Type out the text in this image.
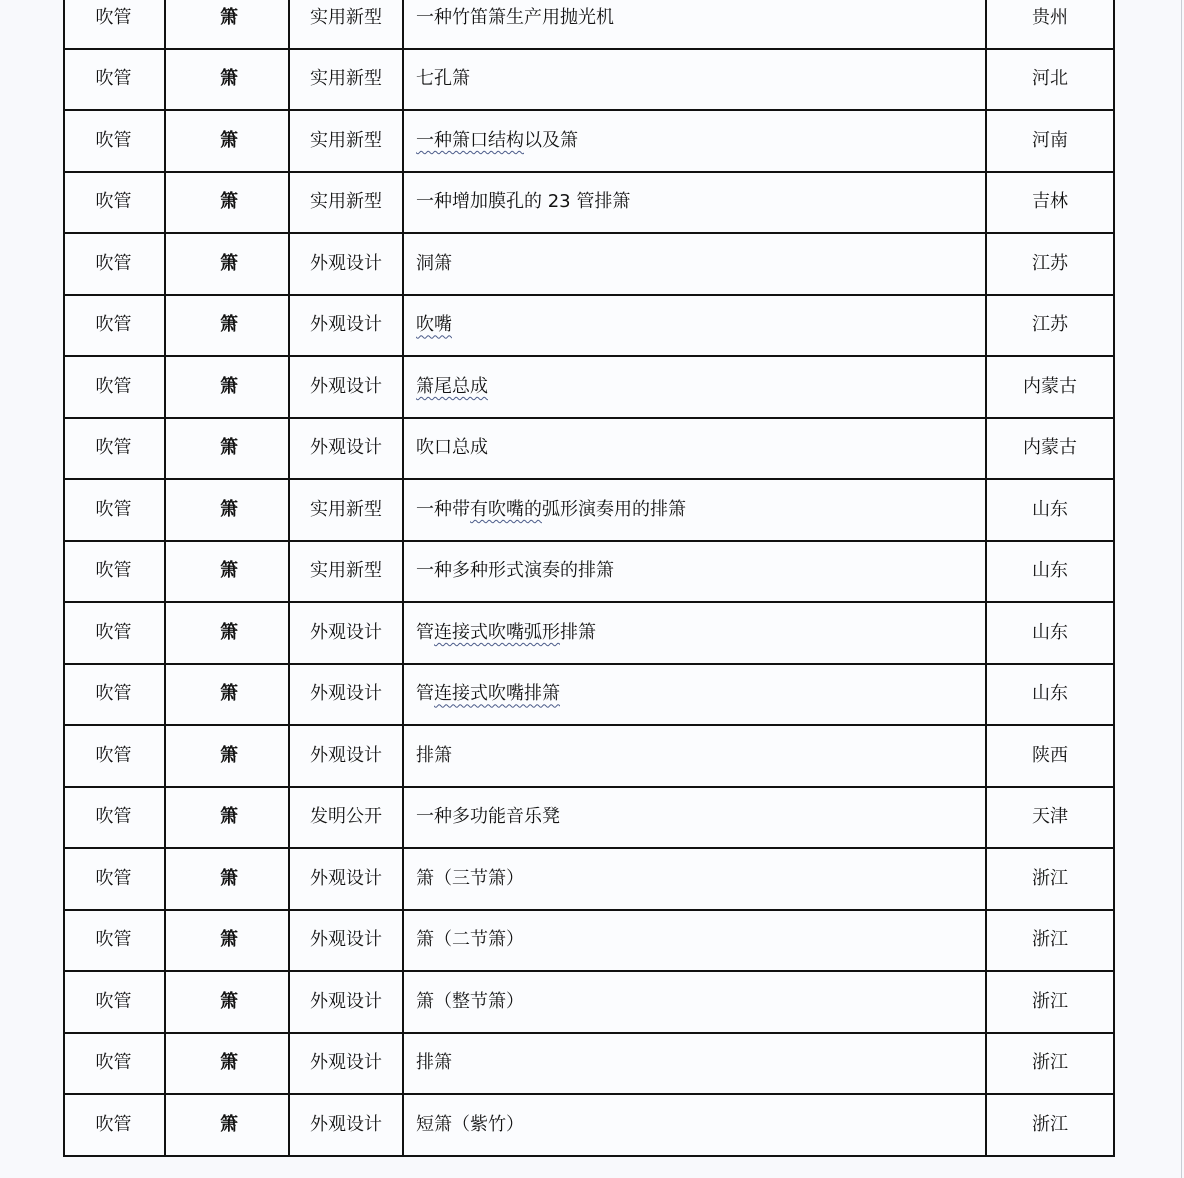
吹管	箫	实用新型	一种竹笛箫生产用抛光机	贵州
吹管	箫	实用新型	七孔箫	河北
吹管	箫	实用新型	一种箫口结构以及箫	河南
吹管	箫	实用新型	一种增加膜孔的 23 管排箫	吉林
吹管	箫	外观设计	洞箫	江苏
吹管	箫	外观设计	吹嘴	江苏
吹管	箫	外观设计	箫尾总成	内蒙古
吹管	箫	外观设计	吹口总成	内蒙古
吹管	箫	实用新型	一种带有吹嘴的弧形演奏用的排箫	山东
吹管	箫	实用新型	一种多种形式演奏的排箫	山东
吹管	箫	外观设计	管连接式吹嘴弧形排箫	山东
吹管	箫	外观设计	管连接式吹嘴排箫	山东
吹管	箫	外观设计	排箫	陕西
吹管	箫	发明公开	一种多功能音乐凳	天津
吹管	箫	外观设计	箫（三节箫）	浙江
吹管	箫	外观设计	箫（二节箫）	浙江
吹管	箫	外观设计	箫（整节箫）	浙江
吹管	箫	外观设计	排箫	浙江
吹管	箫	外观设计	短箫（紫竹）	浙江
